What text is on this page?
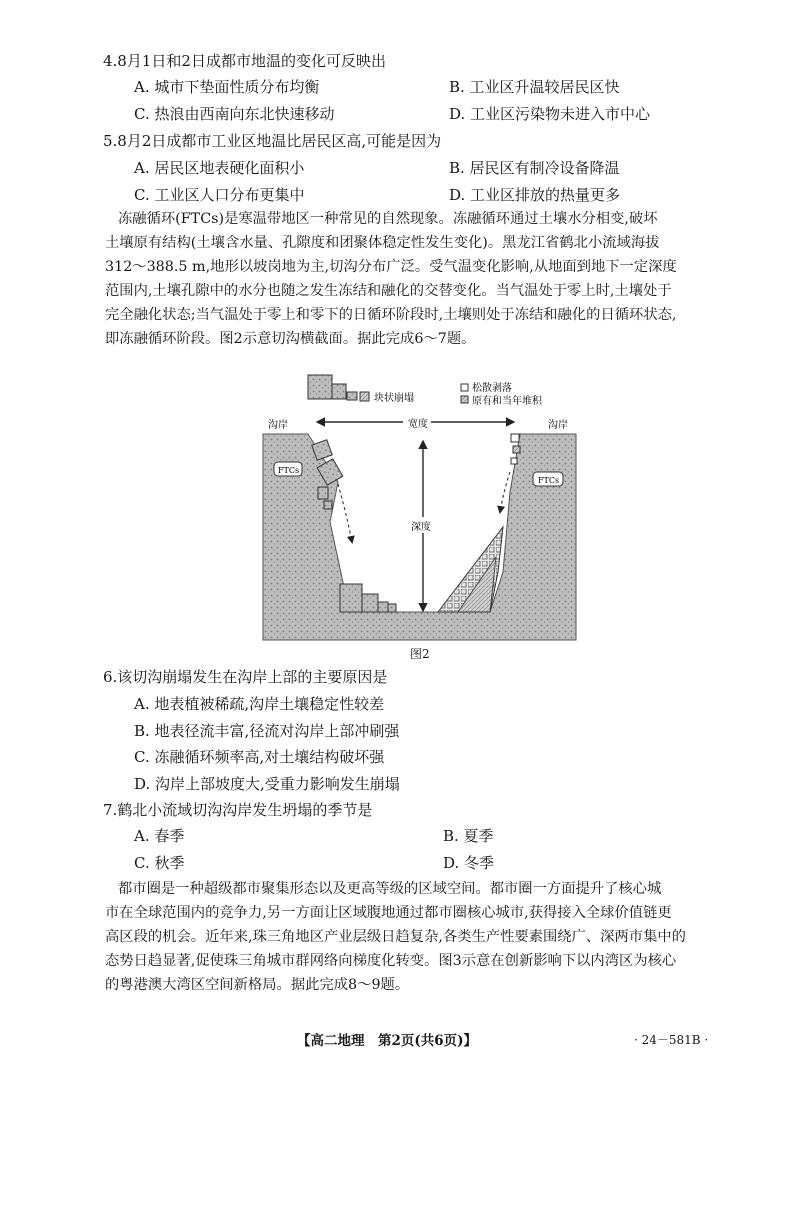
4.8月1日和2日成都市地温的变化可反映出
A. 城市下垫面性质分布均衡	B. 工业区升温较居民区快
C. 热浪由西南向东北快速移动	D. 工业区污染物未进入市中心
5.8月2日成都市工业区地温比居民区高,可能是因为
A. 居民区地表硬化面积小	B. 居民区有制冷设备降温
C. 工业区人口分布更集中	D. 工业区排放的热量更多
冻融循环(FTCs)是寒温带地区一种常见的自然现象。冻融循环通过土壤水分相变,破坏
土壤原有结构(土壤含水量、孔隙度和团聚体稳定性发生变化)。黑龙江省鹤北小流域海拔
312～388.5 m,地形以坡岗地为主,切沟分布广泛。受气温变化影响,从地面到地下一定深度
范围内,土壤孔隙中的水分也随之发生冻结和融化的交替变化。当气温处于零上时,土壤处于
完全融化状态;当气温处于零上和零下的日循环阶段时,土壤则处于冻结和融化的日循环状态,
即冻融循环阶段。图2示意切沟横截面。据此完成6～7题。
块状崩塌
松散剥落
原有和当年堆积
沟岸	沟岸
宽度
深度
FTCs
FTCs
图2
6.该切沟崩塌发生在沟岸上部的主要原因是
A. 地表植被稀疏,沟岸土壤稳定性较差
B. 地表径流丰富,径流对沟岸上部冲刷强
C. 冻融循环频率高,对土壤结构破坏强
D. 沟岸上部坡度大,受重力影响发生崩塌
7.鹤北小流域切沟沟岸发生坍塌的季节是
A. 春季	B. 夏季
C. 秋季	D. 冬季
都市圈是一种超级都市聚集形态以及更高等级的区域空间。都市圈一方面提升了核心城
市在全球范围内的竞争力,另一方面让区域腹地通过都市圈核心城市,获得接入全球价值链更
高区段的机会。近年来,珠三角地区产业层级日趋复杂,各类生产性要素围绕广、深两市集中的
态势日趋显著,促使珠三角城市群网络向梯度化转变。图3示意在创新影响下以内湾区为核心
的粤港澳大湾区空间新格局。据此完成8～9题。
【高二地理　第2页(共6页)】	· 24－581B ·
